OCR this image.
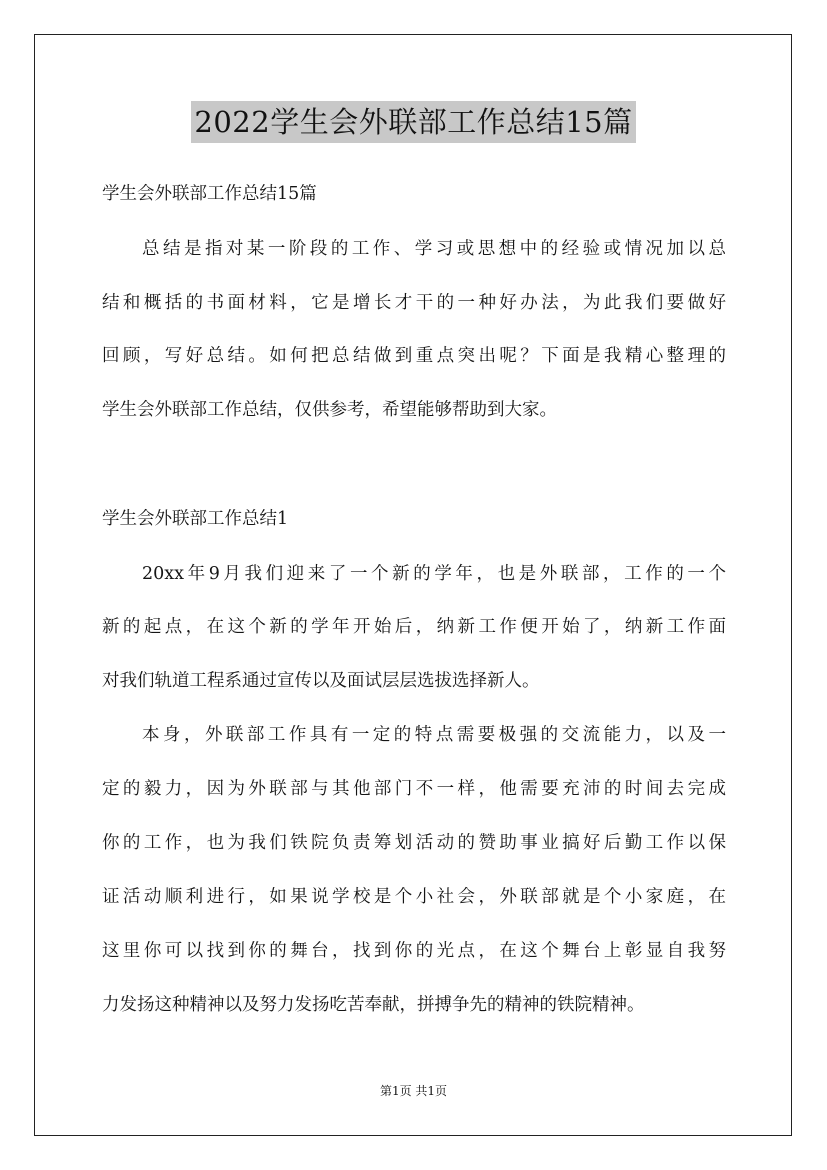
2022学生会外联部工作总结15篇
学生会外联部工作总结15篇
总结是指对某一阶段的工作、学习或思想中的经验或情况加以总
结和概括的书面材料，它是增长才干的一种好办法，为此我们要做好
回顾，写好总结。如何把总结做到重点突出呢？下面是我精心整理的
学生会外联部工作总结，仅供参考，希望能够帮助到大家。
学生会外联部工作总结1
20xx年9月我们迎来了一个新的学年，也是外联部，工作的一个
新的起点，在这个新的学年开始后，纳新工作便开始了，纳新工作面
对我们轨道工程系通过宣传以及面试层层选拔选择新人。
本身，外联部工作具有一定的特点需要极强的交流能力，以及一
定的毅力，因为外联部与其他部门不一样，他需要充沛的时间去完成
你的工作，也为我们铁院负责筹划活动的赞助事业搞好后勤工作以保
证活动顺利进行，如果说学校是个小社会，外联部就是个小家庭，在
这里你可以找到你的舞台，找到你的光点，在这个舞台上彰显自我努
力发扬这种精神以及努力发扬吃苦奉献，拼搏争先的精神的铁院精神。
第1页 共1页
